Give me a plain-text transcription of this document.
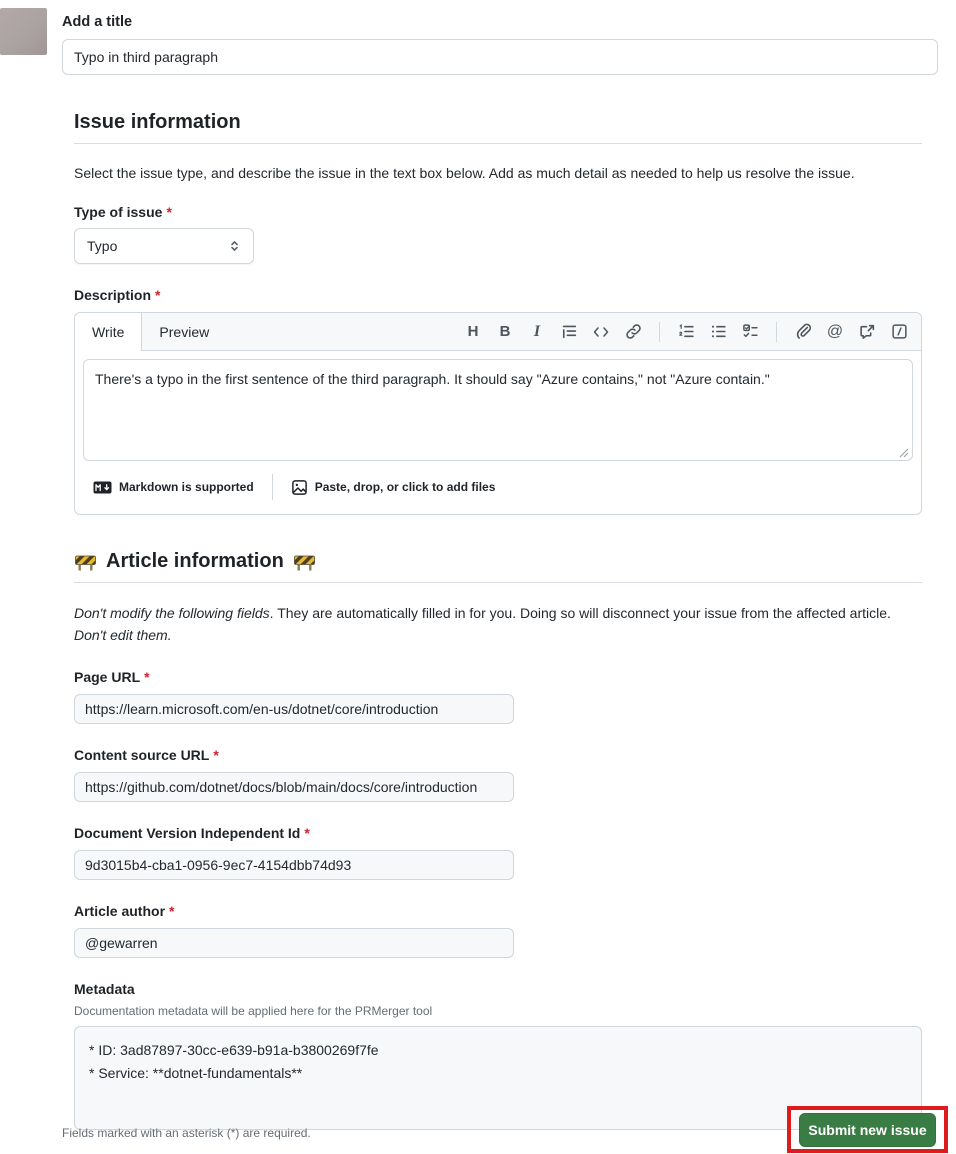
Add a title
Typo in third paragraph
Issue information

Select the issue type, and describe the issue in the text box below. Add as much detail as needed to help us resolve the issue.

Type of issue *
Typo
Description *
Write	Preview	H	B	I	@
There's a typo in the first sentence of the third paragraph. It should say "Azure contains," not "Azure contain."
Markdown is supported	Paste, drop, or click to add files
Article information

Don't modify the following fields. They are automatically filled in for you. Doing so will disconnect your issue from the affected article. Don't edit them.

Page URL *
https://learn.microsoft.com/en-us/dotnet/core/introduction
Content source URL *
https://github.com/dotnet/docs/blob/main/docs/core/introduction
Document Version Independent Id *
9d3015b4-cba1-0956-9ec7-4154dbb74d93
Article author *
@gewarren
Metadata

Documentation metadata will be applied here for the PRMerger tool

* ID: 3ad87897-30cc-e639-b91a-b3800269f7fe * Service: **dotnet-fundamentals**
Fields marked with an asterisk (*) are required.	Submit new issue
